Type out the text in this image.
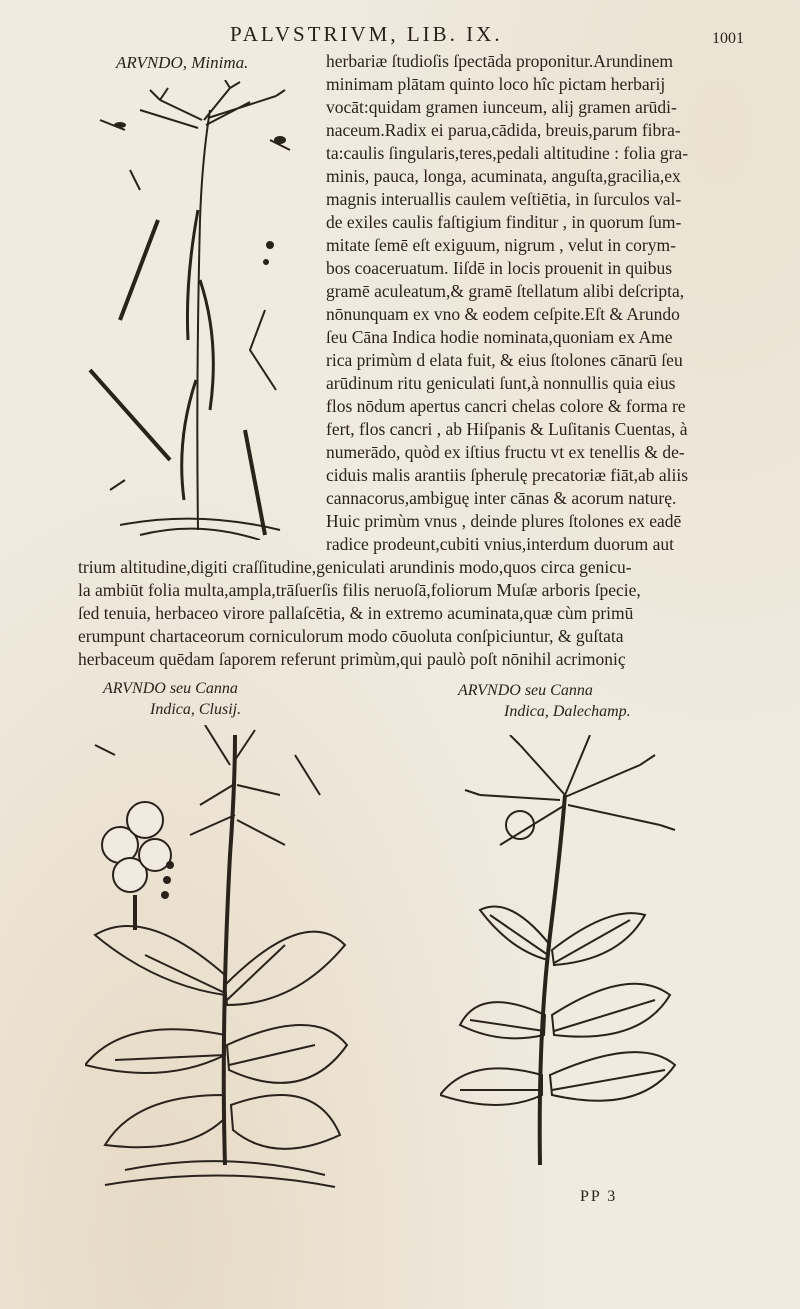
PALVSTRIVM, LIB. IX.	1001
ARVNDO, Minima.	herbariæ ſtudioſis ſpectāda proponitur.Arundinem
minimam plātam quinto loco hîc pictam herbarij
vocāt:quidam gramen iunceum, alij gramen arūdi-
naceum.Radix ei parua,cādida, breuis,parum fibra-
ta:caulis ſingularis,teres,pedali altitudine : folia gra-
minis, pauca, longa, acuminata, anguſta,gracilia,ex
magnis interuallis caulem veſtiētia, in ſurculos val-
de exiles caulis faſtigium finditur , in quorum ſum-
mitate ſemē eſt exiguum, nigrum , velut in corym-
bos coaceruatum. Iiſdē in locis prouenit in quibus
gramē aculeatum,& gramē ſtellatum alibi deſcripta,
nōnunquam ex vno & eodem ceſpite.Eſt & Arundo
ſeu Cāna Indica hodie nominata,quoniam ex Ame
rica primùm d elata fuit, & eius ſtolones cānarū ſeu
arūdinum ritu geniculati ſunt,à nonnullis quia eius
flos nōdum apertus cancri chelas colore & forma re
fert, flos cancri , ab Hiſpanis & Luſitanis Cuentas, à
numerādo, quòd ex iſtius fructu vt ex tenellis & de-
ciduis malis arantiis ſpherulę precatoriæ fiāt,ab aliis
cannacorus,ambiguę inter cānas & acorum naturę.
Huic primùm vnus , deinde plures ſtolones ex eadē
radice prodeunt,cubiti vnius,interdum duorum aut
trium altitudine,digiti craſſitudine,geniculati arundinis modo,quos circa genicu-
la ambiūt folia multa,ampla,trāſuerſis filis neruoſā,foliorum Muſæ arboris ſpecie,
ſed tenuia, herbaceo virore pallaſcētia, & in extremo acuminata,quæ cùm primū
erumpunt chartaceorum corniculorum modo cōuoluta conſpiciuntur, & guſtata
herbaceum quēdam ſaporem referunt primùm,qui paulò poſt nōnihil acrimoniç
ARVNDO seu Canna
Indica, Clusij.
ARVNDO seu Canna
Indica, Dalechamp.
PP 3
